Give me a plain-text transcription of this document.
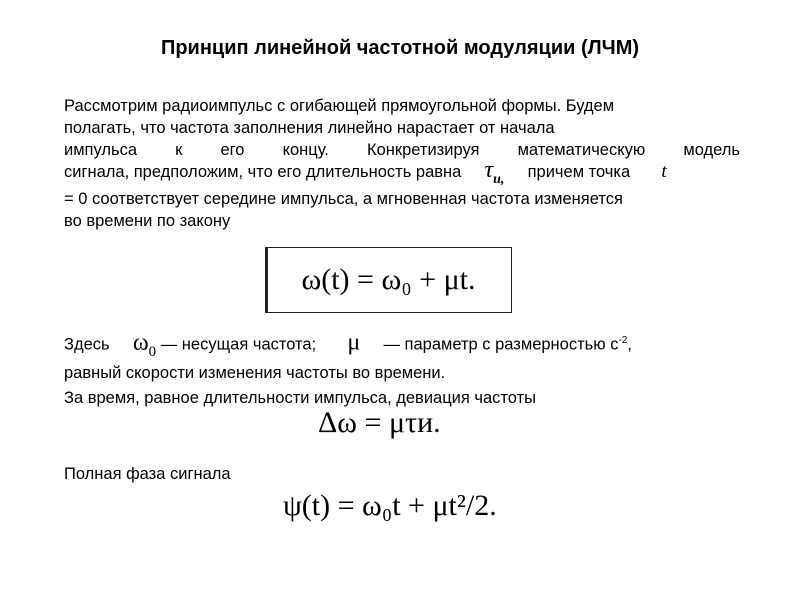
Принцип линейной частотной модуляции (ЛЧМ)
Рассмотрим радиоимпульс с огибающей прямоугольной формы. Будем
полагать, что частота заполнения линейно нарастает от начала
импульса к его концу. Конкретизируя математическую модель
сигнала, предположим, что его длительность равна $\tau_{и,}$ причем точка t
= 0 соответствует середине импульса, а мгновенная частота изменяется
во времени по закону
ω(t) = ω₀ + μt.
Здесь $\omega_0$ — несущая частота; μ — параметр с размерностью $с^{-2}$,
равный скорости изменения частоты во времени.
За время, равное длительности импульса, девиация частоты
Δω = μτи.
Полная фаза сигнала
ψ(t) = ω₀t + μt²/2.
